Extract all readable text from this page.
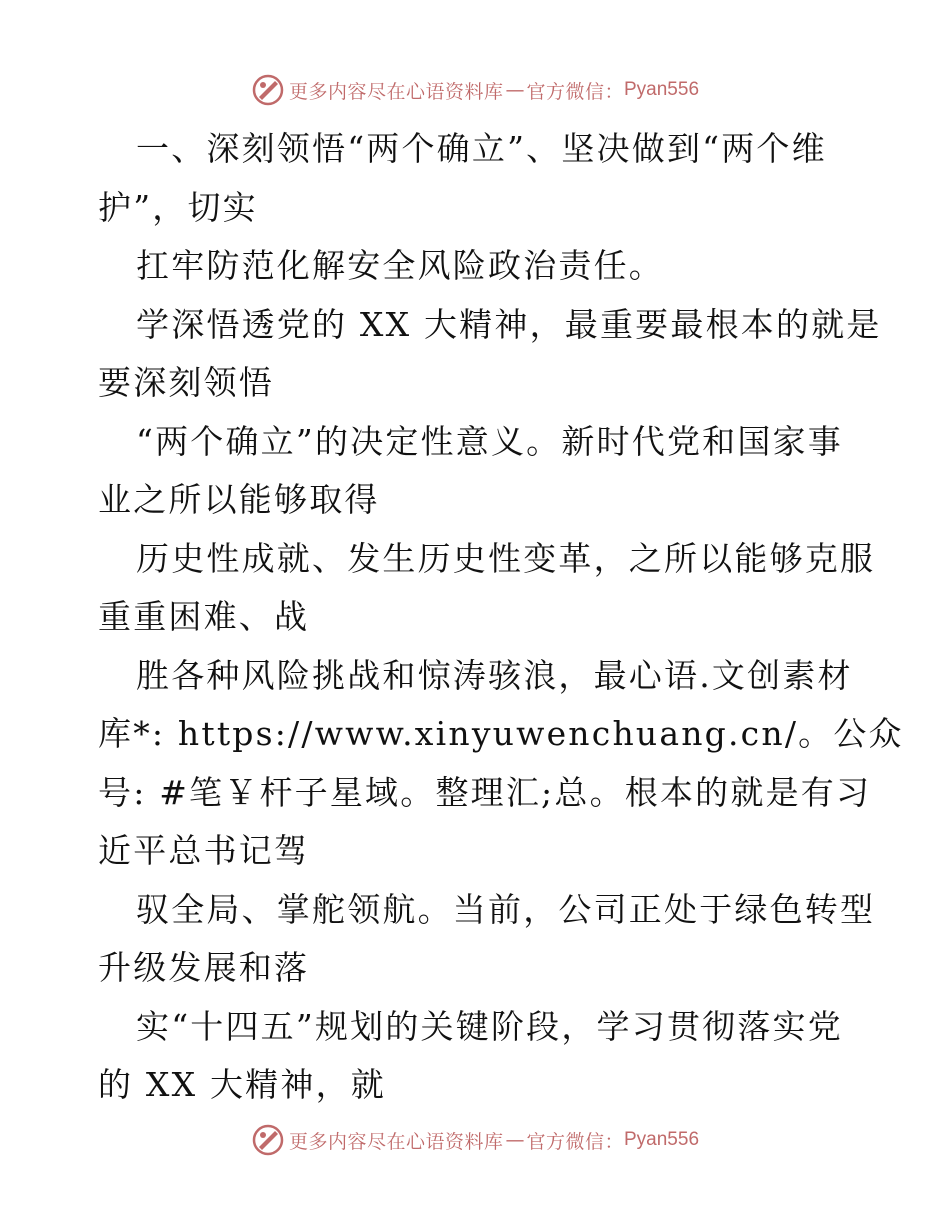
更多内容尽在心语资料库 — 官方微信： Pyan556
一、深刻领悟“两个确立”、坚决做到“两个维
护”，切实
扛牢防范化解安全风险政治责任。
学深悟透党的 XX 大精神，最重要最根本的就是
要深刻领悟
“两个确立”的决定性意义。新时代党和国家事
业之所以能够取得
历史性成就、发生历史性变革，之所以能够克服
重重困难、战
胜各种风险挑战和惊涛骇浪，最心语.文创素材
库*: https://www.xinyuwenchuang.cn/。公众
号: #笔￥杆子星域。整理汇;总。根本的就是有习
近平总书记驾
驭全局、掌舵领航。当前，公司正处于绿色转型
升级发展和落
实“十四五”规划的关键阶段，学习贯彻落实党
的 XX 大精神，就
更多内容尽在心语资料库 — 官方微信： Pyan556
